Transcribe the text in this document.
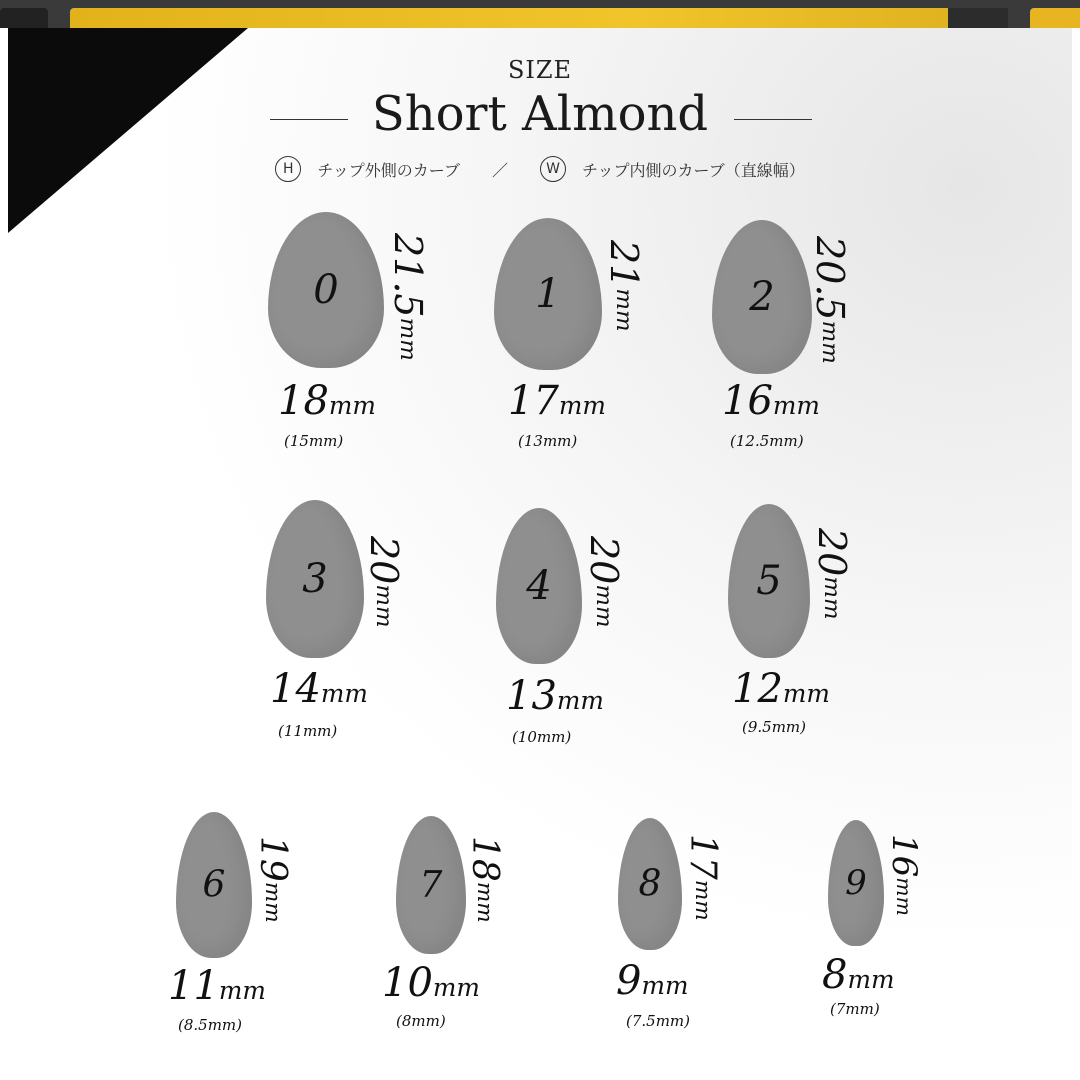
SIZE
Short Almond
H	チップ外側のカーブ ／	W	チップ内側のカーブ（直線幅）
0	21.5mm
18mm
(15mm)
1
21mm
17mm
(13mm)
2 20.5mm
16mm
(12.5mm)
3 20mm
14mm
(11mm)
4
20mm
13mm
(10mm)
5
20mm
12mm
(9.5mm)
6
19mm
11mm
(8.5mm)
7
18mm
10mm
(8mm)
8
17mm
9mm
(7.5mm)
9
16mm
8mm
(7mm)
